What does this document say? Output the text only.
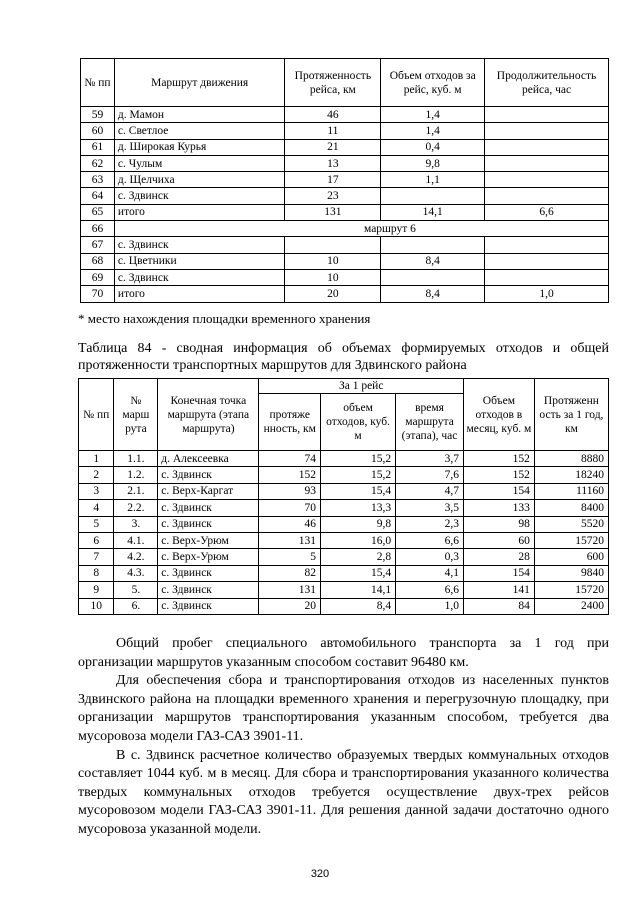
№ пп	Маршрут движения	Протяженность рейса, км	Объем отходов за рейс, куб. м	Продолжительность рейса, час
59	д. Мамон	46	1,4	
60	с. Светлое	11	1,4	
61	д. Широкая Курья	21	0,4	
62	с. Чулым	13	9,8	
63	д. Щелчиха	17	1,1	
64	с. Здвинск	23		
65	итого	131	14,1	6,6
66	маршрут 6			
67	с. Здвинск			
68	с. Цветники	10	8,4	
69	с. Здвинск	10		
70	итого	20	8,4	1,0
* место нахождения площадки временного хранения
Таблица 84 - сводная информация об объемах формируемых отходов и общей протяженности транспортных маршрутов для Здвинского района
№ пп	№ марш рута	Конечная точка маршрута (этапа маршрута)	За 1 рейс			Объем отходов в месяц, куб. м	Протяженн ость за 1 год, км
			протяже нность, км	объем отходов, куб. м	время маршрута (этапа), час		
1	1.1.	д. Алексеевка	74	15,2	3,7	152	8880
2	1.2.	с. Здвинск	152	15,2	7,6	152	18240
3	2.1.	с. Верх-Каргат	93	15,4	4,7	154	11160
4	2.2.	с. Здвинск	70	13,3	3,5	133	8400
5	3.	с. Здвинск	46	9,8	2,3	98	5520
6	4.1.	с. Верх-Урюм	131	16,0	6,6	60	15720
7	4.2.	с. Верх-Урюм	5	2,8	0,3	28	600
8	4.3.	с. Здвинск	82	15,4	4,1	154	9840
9	5.	с. Здвинск	131	14,1	6,6	141	15720
10	6.	с. Здвинск	20	8,4	1,0	84	2400

Общий пробег специального автомобильного транспорта за 1 год при организации маршрутов указанным способом составит 96480 км.

Для обеспечения сбора и транспортирования отходов из населенных пунктов Здвинского района на площадки временного хранения и перегрузочную площадку, при организации маршрутов транспортирования указанным способом, требуется два мусоровоза модели ГАЗ-САЗ 3901-11.

В с. Здвинск расчетное количество образуемых твердых коммунальных отходов составляет 1044 куб. м в месяц. Для сбора и транспортирования указанного количества твердых коммунальных отходов требуется осуществление двух-трех рейсов мусоровозом модели ГАЗ-САЗ 3901-11. Для решения данной задачи достаточно одного мусоровоза указанной модели.

320
